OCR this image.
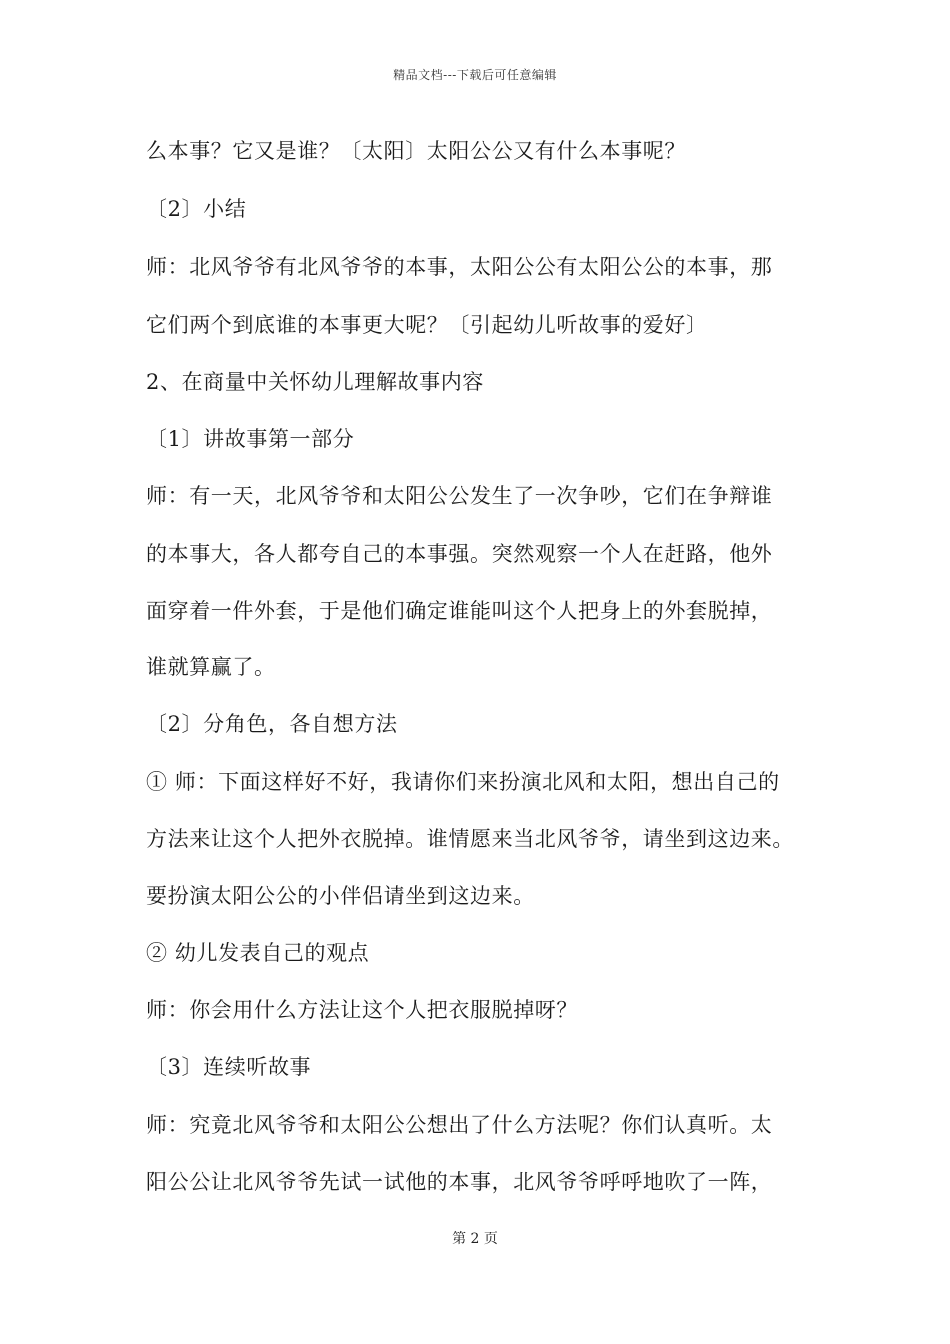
精品文档---下载后可任意编辑
么本事？它又是谁？〔太阳〕太阳公公又有什么本事呢？
〔2〕小结
师：北风爷爷有北风爷爷的本事，太阳公公有太阳公公的本事，那
它们两个到底谁的本事更大呢？〔引起幼儿听故事的爱好〕
2、在商量中关怀幼儿理解故事内容
〔1〕讲故事第一部分
师：有一天，北风爷爷和太阳公公发生了一次争吵，它们在争辩谁
的本事大，各人都夸自己的本事强。突然观察一个人在赶路，他外
面穿着一件外套，于是他们确定谁能叫这个人把身上的外套脱掉，
谁就算赢了。
〔2〕分角色，各自想方法
① 师：下面这样好不好，我请你们来扮演北风和太阳，想出自己的
方法来让这个人把外衣脱掉。谁情愿来当北风爷爷，请坐到这边来。
要扮演太阳公公的小伴侣请坐到这边来。
② 幼儿发表自己的观点
师：你会用什么方法让这个人把衣服脱掉呀？
〔3〕连续听故事
师：究竟北风爷爷和太阳公公想出了什么方法呢？你们认真听。太
阳公公让北风爷爷先试一试他的本事，北风爷爷呼呼地吹了一阵，
第 2 页
